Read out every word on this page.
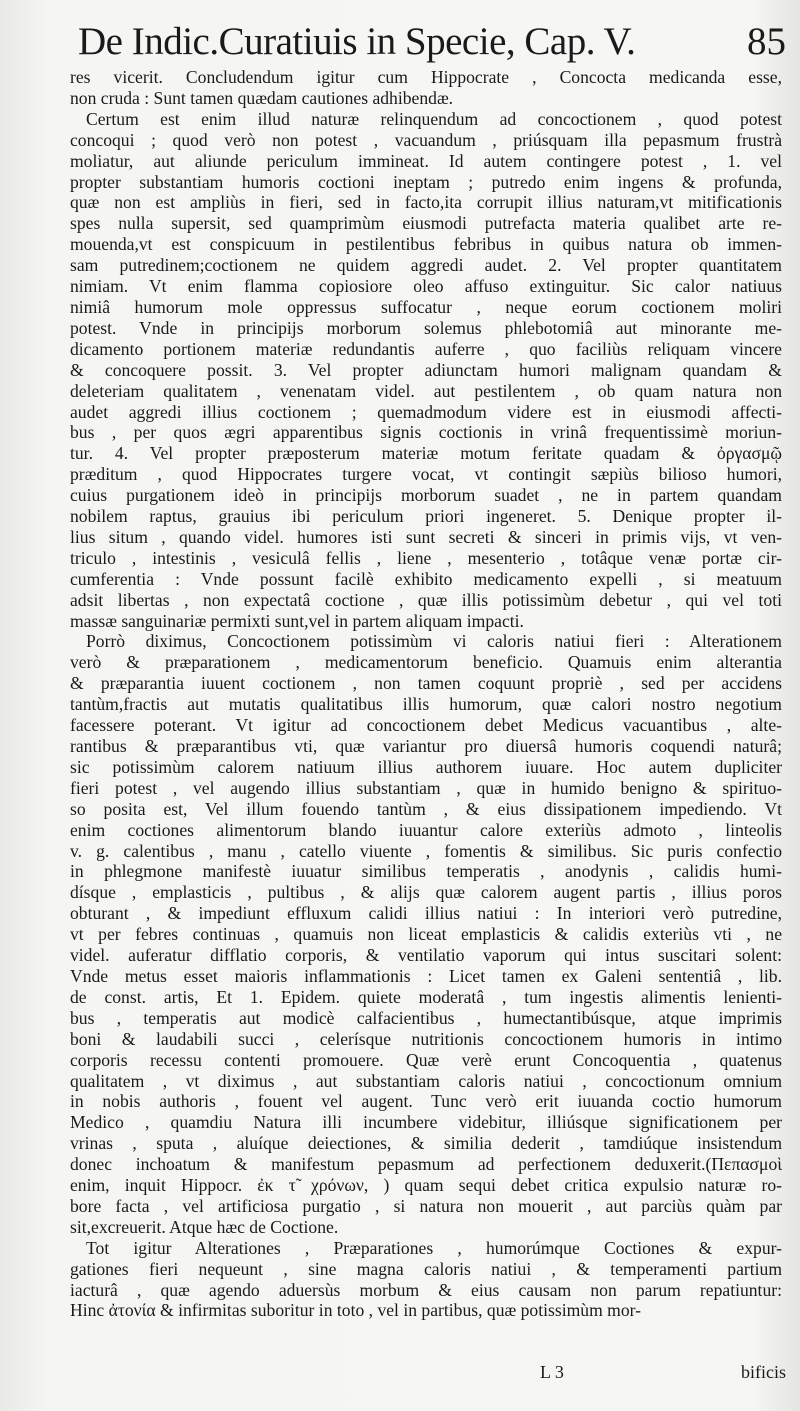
De Indic.Curatiuis in Specie, Cap. V.	85
res vicerit. Concludendum igitur cum Hippocrate , Concocta medicanda esse,
non cruda : Sunt tamen quædam cautiones adhibendæ.
Certum est enim illud naturæ relinquendum ad concoctionem , quod potest
concoqui ; quod verò non potest , vacuandum , priúsquam illa pepasmum frustrà
moliatur, aut aliunde periculum immineat. Id autem contingere potest , 1. vel
propter substantiam humoris coctioni ineptam ; putredo enim ingens & profunda,
quæ non est ampliùs in fieri, sed in facto,ita corrupit illius naturam,vt mitificationis
spes nulla supersit, sed quamprimùm eiusmodi putrefacta materia qualibet arte re-
mouenda,vt est conspicuum in pestilentibus febribus in quibus natura ob immen-
sam putredinem;coctionem ne quidem aggredi audet. 2. Vel propter quantitatem
nimiam. Vt enim flamma copiosiore oleo affuso extinguitur. Sic calor natiuus
nimiâ humorum mole oppressus suffocatur , neque eorum coctionem moliri
potest. Vnde in principijs morborum solemus phlebotomiâ aut minorante me-
dicamento portionem materiæ redundantis auferre , quo faciliùs reliquam vincere
& concoquere possit. 3. Vel propter adiunctam humori malignam quandam &
deleteriam qualitatem , venenatam videl. aut pestilentem , ob quam natura non
audet aggredi illius coctionem ; quemadmodum videre est in eiusmodi affecti-
bus , per quos ægri apparentibus signis coctionis in vrinâ frequentissimè moriun-
tur. 4. Vel propter præposterum materiæ motum feritate quadam & ὀργασμῷ
præditum , quod Hippocrates turgere vocat, vt contingit sæpiùs bilioso humori,
cuius purgationem ideò in principijs morborum suadet , ne in partem quandam
nobilem raptus, grauius ibi periculum priori ingeneret. 5. Denique propter il-
lius situm , quando videl. humores isti sunt secreti & sinceri in primis vijs, vt ven-
triculo , intestinis , vesiculâ fellis , liene , mesenterio , totâque venæ portæ cir-
cumferentia : Vnde possunt facilè exhibito medicamento expelli , si meatuum
adsit libertas , non expectatâ coctione , quæ illis potissimùm debetur , qui vel toti
massæ sanguinariæ permixti sunt,vel in partem aliquam impacti.
Porrò diximus, Concoctionem potissimùm vi caloris natiui fieri : Alterationem
verò & præparationem , medicamentorum beneficio. Quamuis enim alterantia
& præparantia iuuent coctionem , non tamen coquunt propriè , sed per accidens
tantùm,fractis aut mutatis qualitatibus illis humorum, quæ calori nostro negotium
facessere poterant. Vt igitur ad concoctionem debet Medicus vacuantibus , alte-
rantibus & præparantibus vti, quæ variantur pro diuersâ humoris coquendi naturâ;
sic potissimùm calorem natiuum illius authorem iuuare. Hoc autem dupliciter
fieri potest , vel augendo illius substantiam , quæ in humido benigno & spirituo-
so posita est, Vel illum fouendo tantùm , & eius dissipationem impediendo. Vt
enim coctiones alimentorum blando iuuantur calore exteriùs admoto , linteolis
v. g. calentibus , manu , catello viuente , fomentis & similibus. Sic puris confectio
in phlegmone manifestè iuuatur similibus temperatis , anodynis , calidis humi-
dísque , emplasticis , pultibus , & alijs quæ calorem augent partis , illius poros
obturant , & impediunt effluxum calidi illius natiui : In interiori verò putredine,
vt per febres continuas , quamuis non liceat emplasticis & calidis exteriùs vti , ne
videl. auferatur difflatio corporis, & ventilatio vaporum qui intus suscitari solent:
Vnde metus esset maioris inflammationis : Licet tamen ex Galeni sententiâ , lib.
de const. artis, Et 1. Epidem. quiete moderatâ , tum ingestis alimentis lenienti-
bus , temperatis aut modicè calfacientibus , humectantibúsque, atque imprimis
boni & laudabili succi , celerísque nutritionis concoctionem humoris in intimo
corporis recessu contenti promouere. Quæ verè erunt Concoquentia , quatenus
qualitatem , vt diximus , aut substantiam caloris natiui , concoctionum omnium
in nobis authoris , fouent vel augent. Tunc verò erit iuuanda coctio humorum
Medico , quamdiu Natura illi incumbere videbitur, illiúsque significationem per
vrinas , sputa , aluíque deiectiones, & similia dederit , tamdiúque insistendum
donec inchoatum & manifestum pepasmum ad perfectionem deduxerit.(Πεπασμοὶ
enim, inquit Hippocr. ἐκ τ̃ χρόνων, ) quam sequi debet critica expulsio naturæ ro-
bore facta , vel artificiosa purgatio , si natura non mouerit , aut parciùs quàm par
sit,excreuerit. Atque hæc de Coctione.
Tot igitur Alterationes , Præparationes , humorúmque Coctiones & expur-
gationes fieri nequeunt , sine magna caloris natiui , & temperamenti partium
iacturâ , quæ agendo aduersùs morbum & eius causam non parum repatiuntur:
Hinc ἀτονία & infirmitas suboritur in toto , vel in partibus, quæ potissimùm mor-
L 3	bificis
